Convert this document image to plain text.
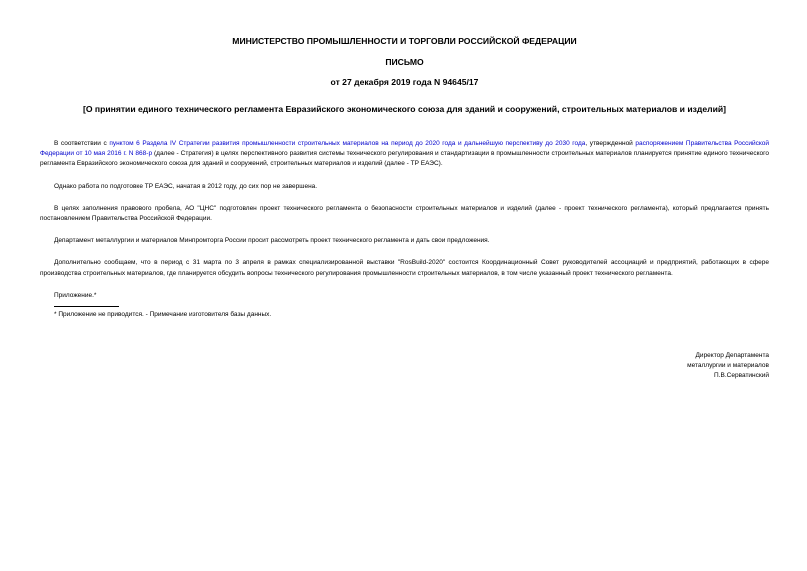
МИНИСТЕРСТВО ПРОМЫШЛЕННОСТИ И ТОРГОВЛИ РОССИЙСКОЙ ФЕДЕРАЦИИ
ПИСЬМО
от 27 декабря 2019 года N 94645/17
[О принятии единого технического регламента Евразийского экономического союза для зданий и сооружений, строительных материалов и изделий]

В соответствии с пунктом 6 Раздела IV Стратегии развития промышленности строительных материалов на период до 2020 года и дальнейшую перспективу до 2030 года, утвержденной распоряжением Правительства Российской Федерации от 10 мая 2016 г. N 868-р (далее - Стратегия) в целях перспективного развития системы технического регулирования и стандартизации в промышленности строительных материалов планируется принятие единого технического регламента Евразийского экономического союза для зданий и сооружений, строительных материалов и изделий (далее - ТР ЕАЭС).

Однако работа по подготовке ТР ЕАЭС, начатая в 2012 году, до сих пор не завершена.

В целях заполнения правового пробела, АО "ЦНС" подготовлен проект технического регламента о безопасности строительных материалов и изделий (далее - проект технического регламента), который предлагается принять постановлением Правительства Российской Федерации.

Департамент металлургии и материалов Минпромторга России просит рассмотреть проект технического регламента и дать свои предложения.

Дополнительно сообщаем, что в период с 31 марта по 3 апреля в рамках специализированной выставки "RosBuild-2020" состоится Координационный Совет руководителей ассоциаций и предприятий, работающих в сфере производства строительных материалов, где планируется обсудить вопросы технического регулирования промышленности строительных материалов, в том числе указанный проект технического регламента.

Приложение.*

* Приложение не приводится. - Примечание изготовителя базы данных.
Директор Департамента
металлургии и материалов
П.В.Серватинский
